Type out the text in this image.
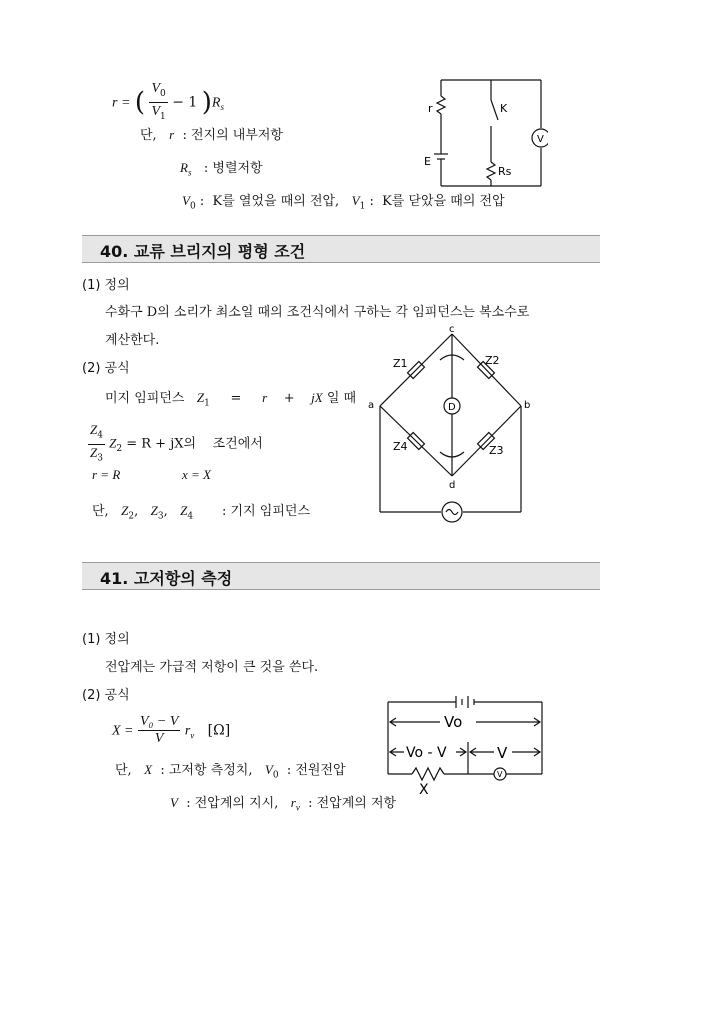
r = ( $\frac{V_0}{V_1} - 1$ )$R_s$
단, r : 전지의 내부저항
$R_s$ : 병렬저항
$V_0$ : K를 열었을 때의 전압, $V_1$ : K를 닫았을 때의 전압
r	K
E
Rs
V
40. 교류 브리지의 평형 조건
(1) 정의
수화구 D의 소리가 최소일 때의 조건식에서 구하는 각 임피던스는 복소수로
계산한다.
(2) 공식
미지 임피던스 $Z_1 = r$ + jX 일 때
$\frac{Z_4}{Z_3} Z_2 = R$ + jX의 조건에서
r = R	x = X
단, $Z_2$,   $Z_3$,   $Z_4$ : 기지 임피던스
c
a	b
d
Z1	Z2
Z3
Z4
D
41. 고저항의 측정
(1) 정의
전압계는 가급적 저항이 큰 것을 쓴다.
(2) 공식
$X = \frac{\text{V₀ − V}}{V} r_v$ [Ω]
단, X : 고저항 측정치, $V_0$ : 전원전압
V : 전압계의 지시, $r_v$ : 전압계의 저항
Vo
Vo - V	V
V
X
